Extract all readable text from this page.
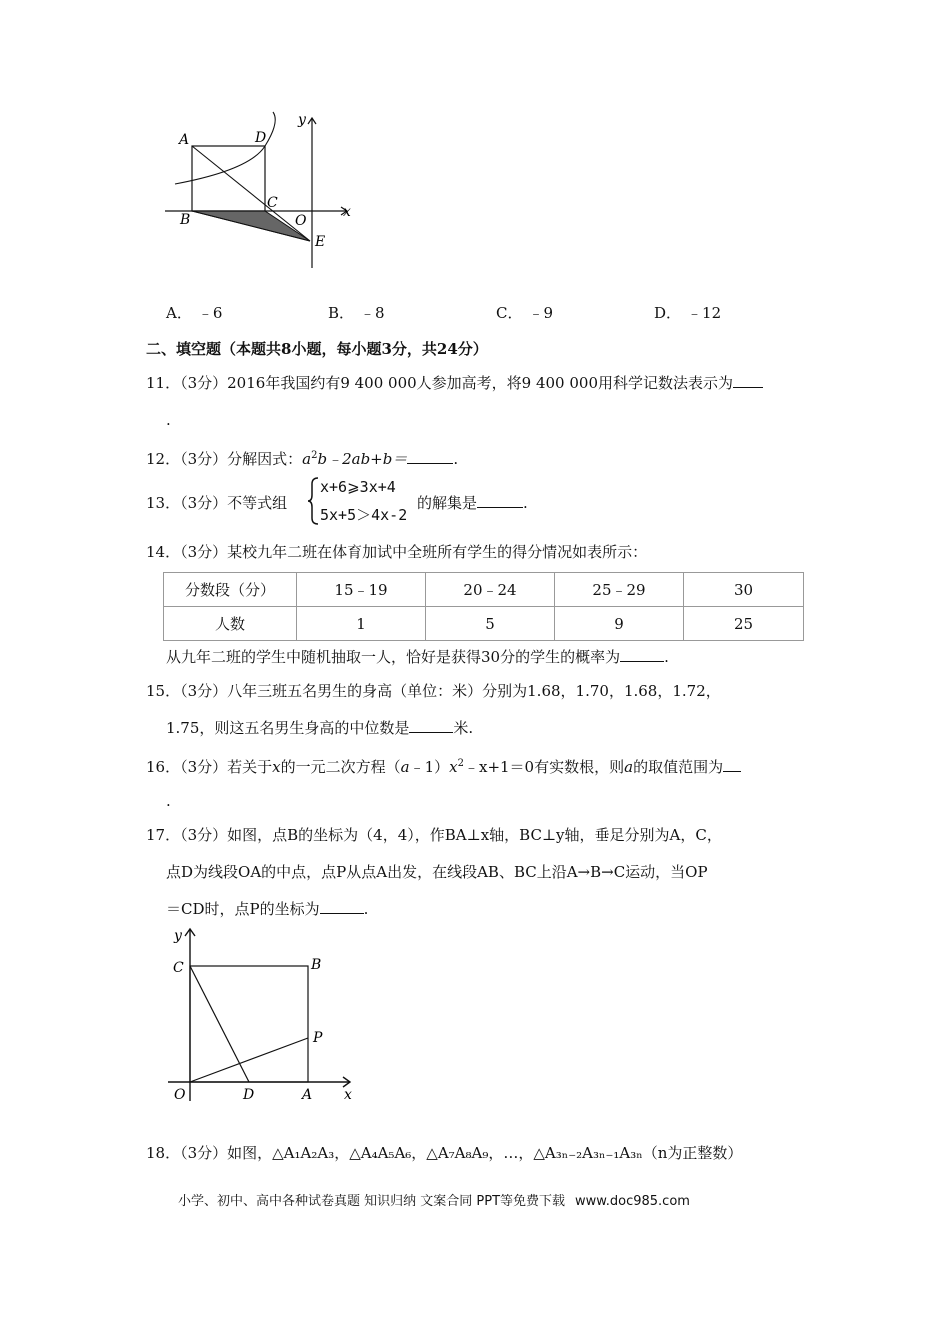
A	D
B
C
O
E
x
y
A． ﹣6	B． ﹣8	C． ﹣9	D． ﹣12
二、填空题（本题共8小题，每小题3分，共24分）
11．（3分）2016年我国约有9 400 000人参加高考，将9 400 000用科学记数法表示为
.
12．（3分）分解因式：$a^2b﹣2ab+b=$	.
13．（3分）不等式组
x+6⩾3x+4
5x+5＞4x-2
的解集是	.
14．（3分）某校九年二班在体育加试中全班所有学生的得分情况如表所示：
分数段（分）	15﹣19	20﹣24	25﹣29	30
人数	1	5	9	25
从九年二班的学生中随机抽取一人，恰好是获得30分的学生的概率为	.
15．（3分）八年三班五名男生的身高（单位：米）分别为1.68，1.70，1.68，1.72，
1.75，则这五名男生身高的中位数是	米.
16．（3分）若关于x的一元二次方程$(a﹣1)x^2﹣x+1=0$有实数根，则a的取值范围为
.
17．（3分）如图，点B的坐标为（4，4），作BA⊥x轴，BC⊥y轴，垂足分别为A，C，
点D为线段OA的中点，点P从点A出发，在线段AB、BC上沿A→B→C运动，当OP
＝CD时，点P的坐标为	.
y
C	B
P
O	D	A x
18．（3分）如图，△A₁A₂A₃，△A₄A₅A₆，△A₇A₈A₉，…，△A₃ₙ₋₂A₃ₙ₋₁A₃ₙ（n为正整数）
小学、初中、高中各种试卷真题 知识归纳 文案合同 PPT等免费下载 www.doc985.com
